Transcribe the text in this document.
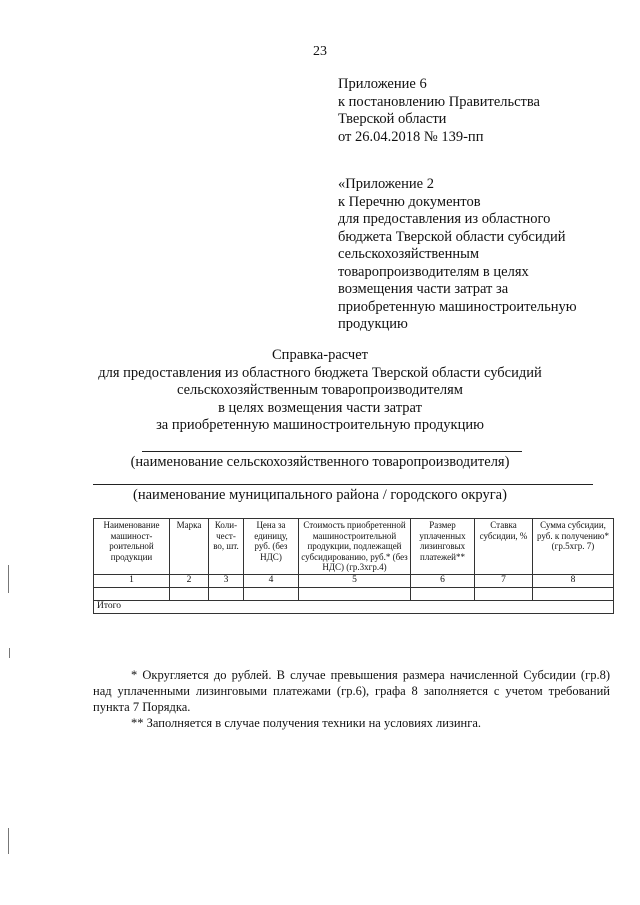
23
Приложение 6
к постановлению Правительства
Тверской области
от 26.04.2018 № 139-пп
«Приложение 2
к Перечню документов
для предоставления из областного
бюджета Тверской области субсидий
сельскохозяйственным
товаропроизводителям в целях
возмещения части затрат за
приобретенную машиностроительную
продукцию
Справка-расчет
для предоставления из областного бюджета Тверской области субсидий
сельскохозяйственным товаропроизводителям
в целях возмещения части затрат
за приобретенную машиностроительную продукцию
(наименование сельскохозяйственного товаропроизводителя)
(наименование муниципального района / городского округа)
Наименование машиност-роительной продукции	Марка	Коли-чест-во, шт.	Цена за единицу, руб. (без НДС)	Стоимость приобретенной машиностроительной продукции, подлежащей субсидированию, руб.* (без НДС) (гр.3хгр.4)	Размер уплаченных лизинговых платежей**	Ставка субсидии, %	Сумма субсидии, руб. к получению* (гр.5хгр. 7)
1	2	3	4	5	6	7	8

Итого							

* Округляется до рублей. В случае превышения размера начисленной Субсидии (гр.8) над уплаченными лизинговыми платежами (гр.6), графа 8 заполняется с учетом требований пункта 7 Порядка.

** Заполняется в случае получения техники на условиях лизинга.
